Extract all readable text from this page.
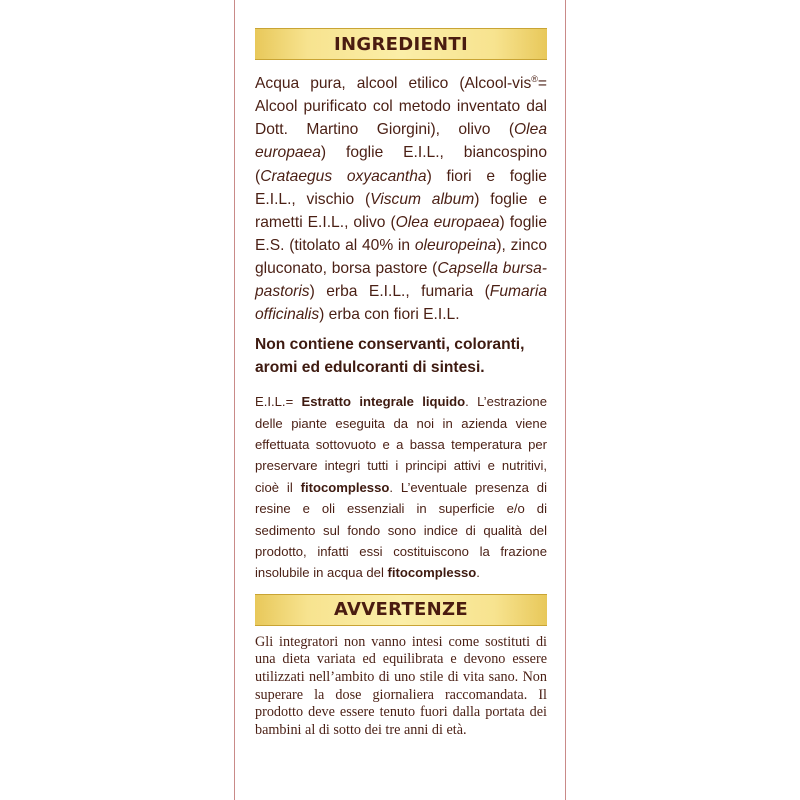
INGREDIENTI
Acqua pura, alcool etilico (Alcool-vis®= Alcool purificato col metodo inventato dal Dott. Martino Giorgini), olivo (Olea europaea) foglie E.I.L., biancospino (Crataegus oxyacantha) fiori e foglie E.I.L., vischio (Viscum album) foglie e rametti E.I.L., olivo (Olea europaea) foglie E.S. (titolato al 40% in oleuropeina), zinco gluconato, borsa pastore (Capsella bursa-pastoris) erba E.I.L., fumaria (Fumaria officinalis) erba con fiori E.I.L.
Non contiene conservanti, coloranti, aromi ed edulcoranti di sintesi.
E.I.L.= Estratto integrale liquido. L’estrazione delle piante eseguita da noi in azienda viene effettuata sottovuoto e a bassa temperatura per preservare integri tutti i principi attivi e nutritivi, cioè il fitocomplesso. L’eventuale presenza di resine e oli essenziali in superficie e/o di sedimento sul fondo sono indice di qualità del prodotto, infatti essi costituiscono la frazione insolubile in acqua del fitocomplesso.
AVVERTENZE
Gli integratori non vanno intesi come sostituti di una dieta variata ed equilibrata e devono essere utilizzati nell’ambito di uno stile di vita sano. Non superare la dose giornaliera raccomandata. Il prodotto deve essere tenuto fuori dalla portata dei bambini al di sotto dei tre anni di età.
